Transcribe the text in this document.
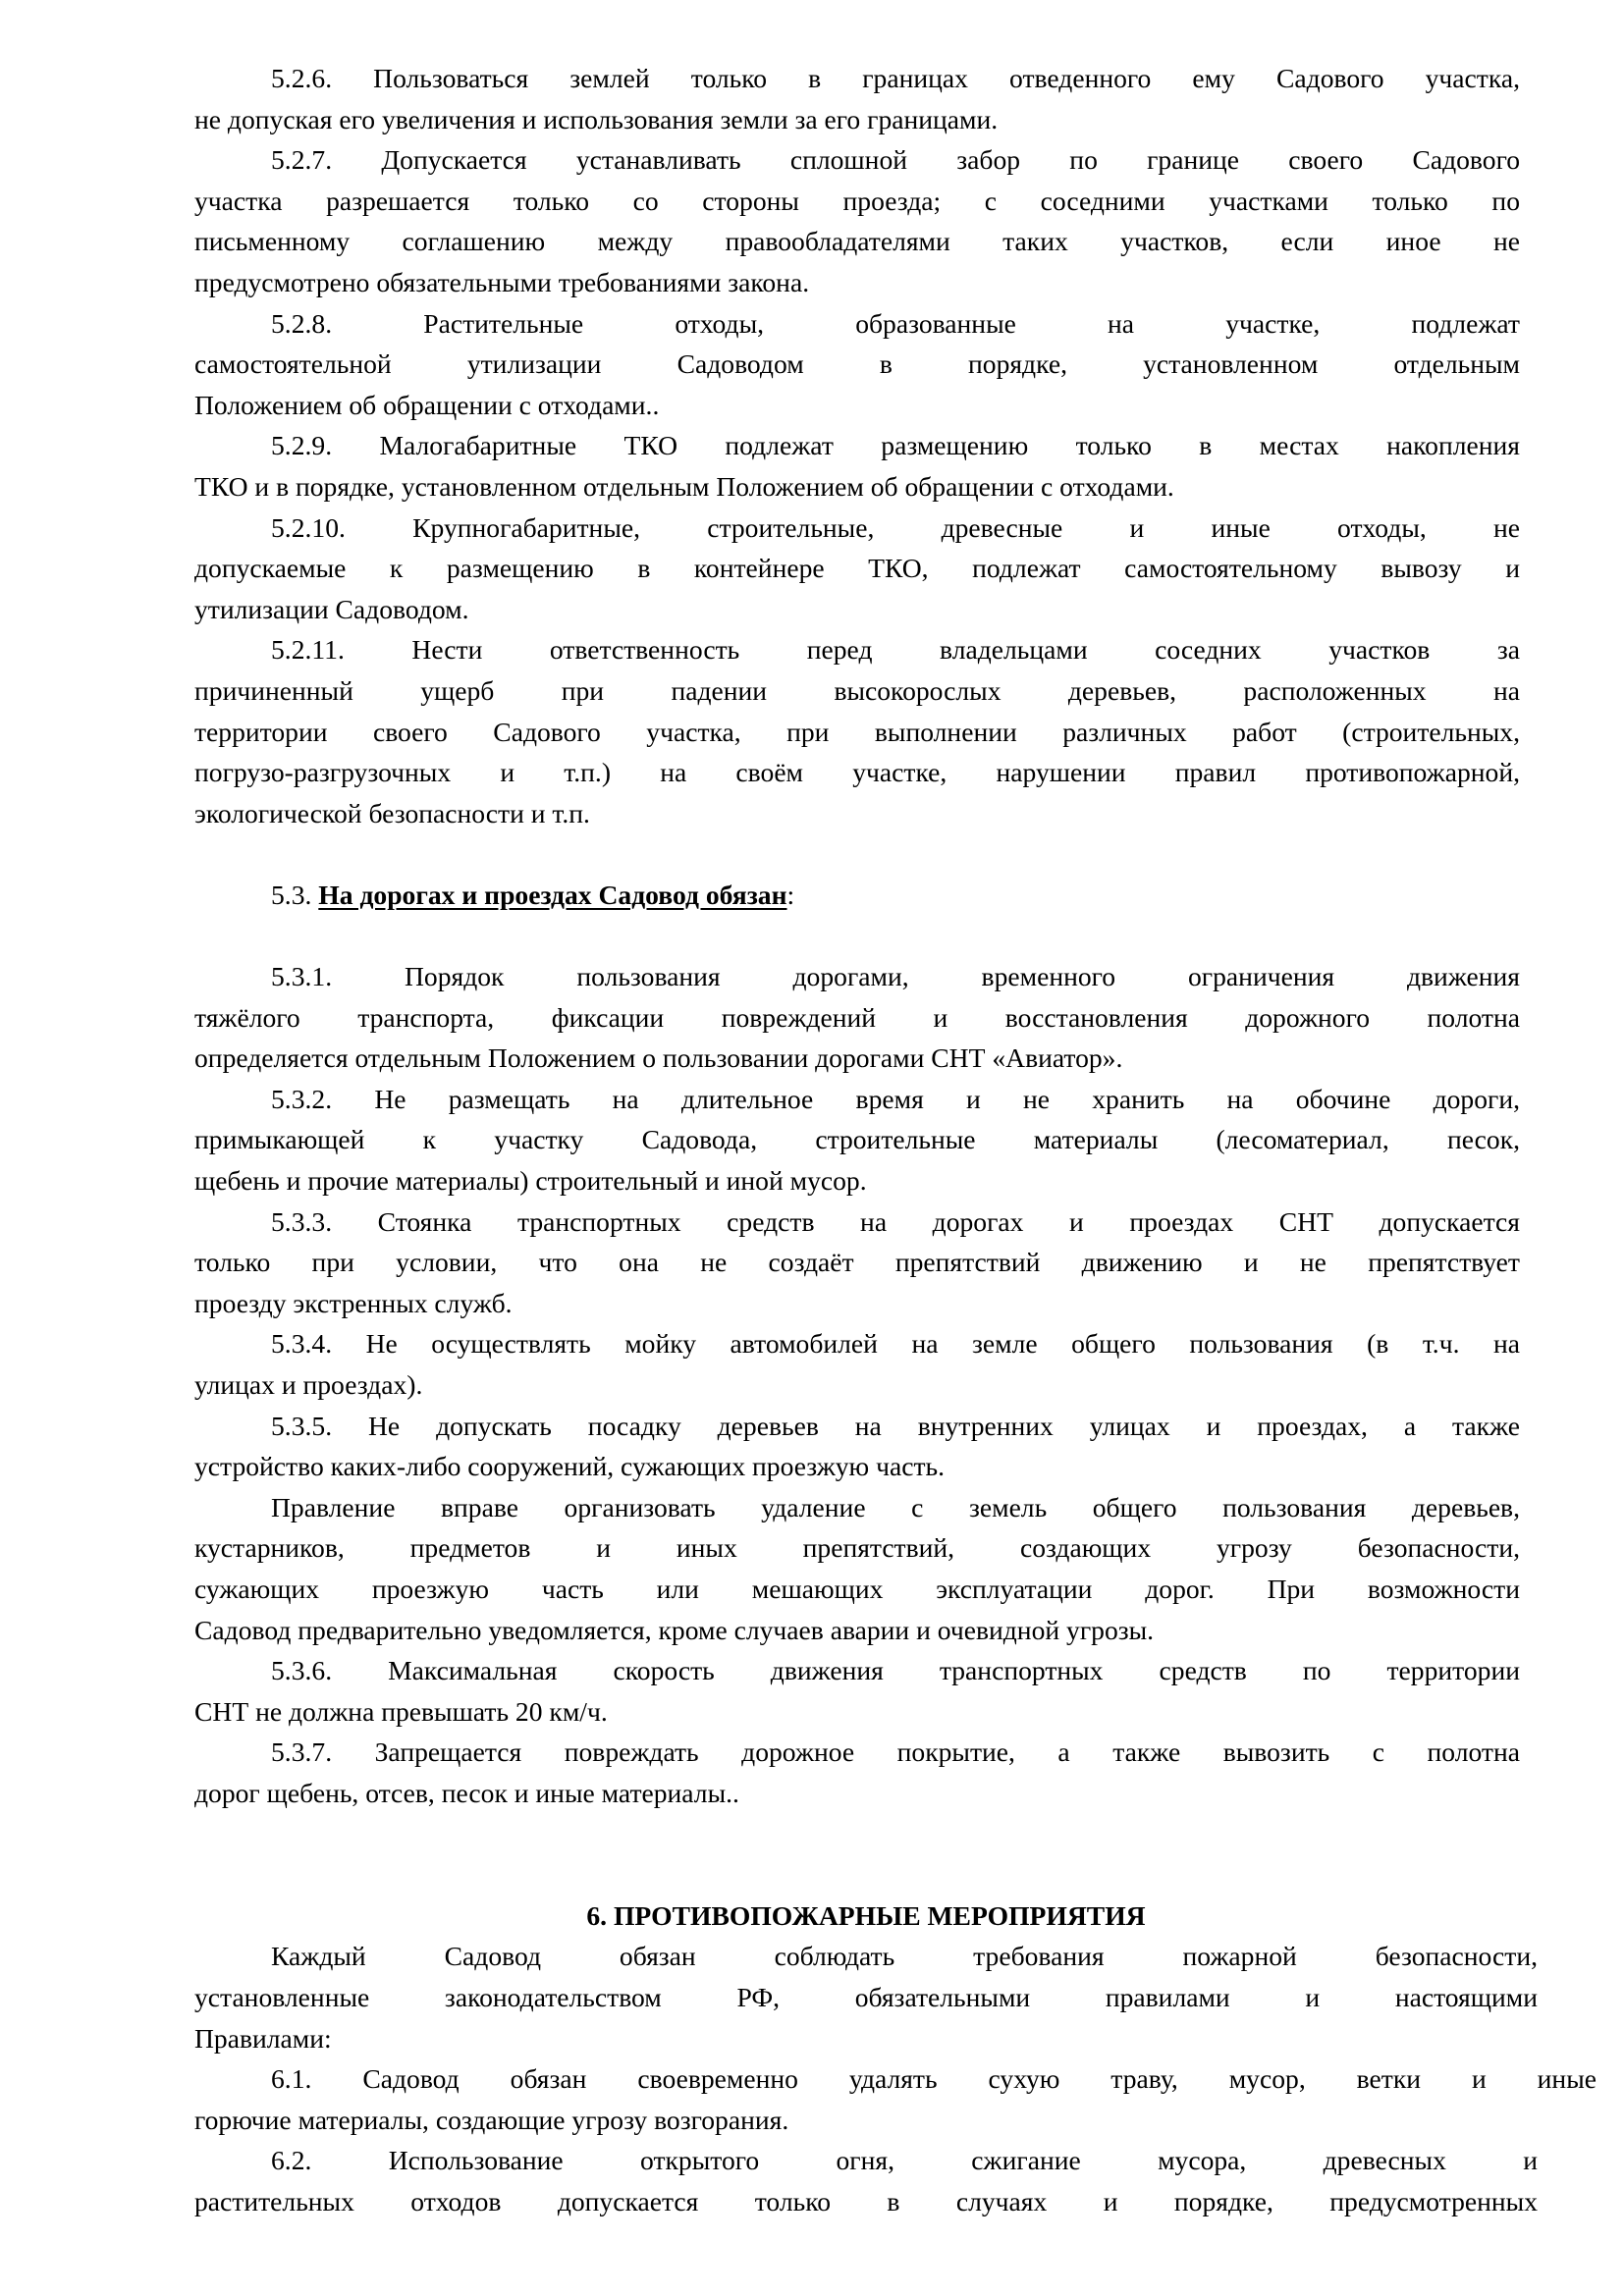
5.2.6. Пользоваться землей только в границах отведенного ему Садового участка,
не допуская его увеличения и использования земли за его границами.

5.2.7. Допускается устанавливать сплошной забор по границе своего Садового
участка разрешается только со стороны проезда; с соседними участками только по
письменному соглашению между правообладателями таких участков, если иное не
предусмотрено обязательными требованиями закона.

5.2.8. Растительные отходы, образованные на участке, подлежат
самостоятельной утилизации Садоводом в порядке, установленном отдельным
Положением об обращении с отходами..

5.2.9. Малогабаритные ТКО подлежат размещению только в местах накопления
ТКО и в порядке, установленном отдельным Положением об обращении с отходами.

5.2.10. Крупногабаритные, строительные, древесные и иные отходы, не
допускаемые к размещению в контейнере ТКО, подлежат самостоятельному вывозу и
утилизации Садоводом.

5.2.11. Нести ответственность перед владельцами соседних участков за
причиненный ущерб при падении высокорослых деревьев, расположенных на
территории своего Садового участка, при выполнении различных работ (строительных,
погрузо-разгрузочных и т.п.) на своём участке, нарушении правил противопожарной,
экологической безопасности и т.п.

5.3. На дорогах и проездах Садовод обязан:

5.3.1. Порядок пользования дорогами, временного ограничения движения
тяжёлого транспорта, фиксации повреждений и восстановления дорожного полотна
определяется отдельным Положением о пользовании дорогами СНТ «Авиатор».

5.3.2. Не размещать на длительное время и не хранить на обочине дороги,
примыкающей к участку Садовода, строительные материалы (лесоматериал, песок,
щебень и прочие материалы) строительный и иной мусор.

5.3.3. Стоянка транспортных средств на дорогах и проездах СНТ допускается
только при условии, что она не создаёт препятствий движению и не препятствует
проезду экстренных служб.

5.3.4. Не осуществлять мойку автомобилей на земле общего пользования (в т.ч. на
улицах и проездах).

5.3.5. Не допускать посадку деревьев на внутренних улицах и проездах, а также
устройство каких-либо сооружений, сужающих проезжую часть.

Правление вправе организовать удаление с земель общего пользования деревьев,
кустарников, предметов и иных препятствий, создающих угрозу безопасности,
сужающих проезжую часть или мешающих эксплуатации дорог. При возможности
Садовод предварительно уведомляется, кроме случаев аварии и очевидной угрозы.

5.3.6. Максимальная скорость движения транспортных средств по территории
СНТ не должна превышать 20 км/ч.

5.3.7. Запрещается повреждать дорожное покрытие, а также вывозить с полотна
дорог щебень, отсев, песок и иные материалы..

6. ПРОТИВОПОЖАРНЫЕ МЕРОПРИЯТИЯ

Каждый Садовод обязан соблюдать требования пожарной безопасности,
установленные законодательством РФ, обязательными правилами и настоящими
Правилами:

6.1. Садовод обязан своевременно удалять сухую траву, мусор, ветки и иные
горючие материалы, создающие угрозу возгорания.

6.2. Использование открытого огня, сжигание мусора, древесных и
растительных отходов допускается только в случаях и порядке, предусмотренных
